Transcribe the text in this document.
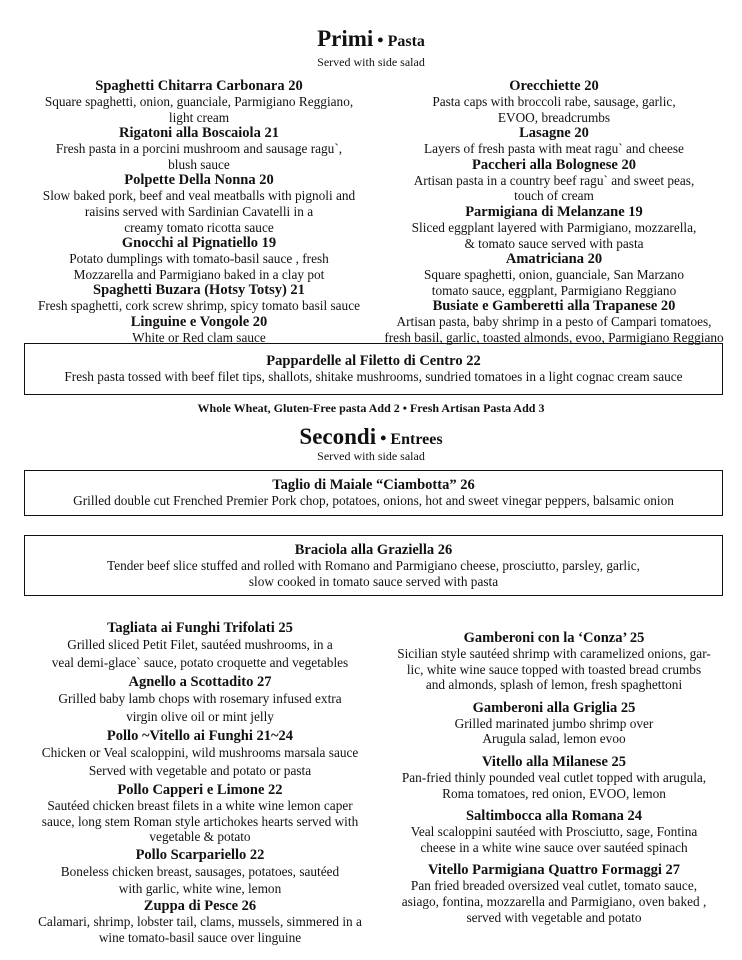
Primi • Pasta
Served with side salad
Spaghetti Chitarra Carbonara 20
Square spaghetti, onion, guanciale, Parmigiano Reggiano,
light cream
Rigatoni alla Boscaiola 21
Fresh pasta in a porcini mushroom and sausage ragu`,
blush sauce
Polpette Della Nonna 20
Slow baked pork, beef and veal meatballs with pignoli and
raisins served with Sardinian Cavatelli in a
creamy tomato ricotta sauce
Gnocchi al Pignatiello 19
Potato dumplings with tomato-basil sauce , fresh
Mozzarella and Parmigiano baked in a clay pot
Spaghetti Buzara (Hotsy Totsy) 21
Fresh spaghetti, cork screw shrimp, spicy tomato basil sauce
Linguine e Vongole 20
White or Red clam sauce
Orecchiette 20
Pasta caps with broccoli rabe, sausage, garlic,
EVOO, breadcrumbs
Lasagne 20
Layers of fresh pasta with meat ragu` and cheese
Paccheri alla Bolognese 20
Artisan pasta in a country beef ragu` and sweet peas,
touch of cream
Parmigiana di Melanzane 19
Sliced eggplant layered with Parmigiano, mozzarella,
& tomato sauce served with pasta
Amatriciana 20
Square spaghetti, onion, guanciale, San Marzano
tomato sauce, eggplant, Parmigiano Reggiano
Busiate e Gamberetti alla Trapanese 20
Artisan pasta, baby shrimp in a pesto of Campari tomatoes,
fresh basil, garlic, toasted almonds, evoo, Parmigiano Reggiano
Pappardelle al Filetto di Centro 22
Fresh pasta tossed with beef filet tips, shallots, shitake mushrooms, sundried tomatoes in a light cognac cream sauce
Whole Wheat, Gluten-Free pasta Add 2 • Fresh Artisan Pasta Add 3
Secondi • Entrees
Served with side salad
Taglio di Maiale “Ciambotta” 26
Grilled double cut Frenched Premier Pork chop, potatoes, onions, hot and sweet vinegar peppers, balsamic onion
Braciola alla Graziella 26
Tender beef slice stuffed and rolled with Romano and Parmigiano cheese, prosciutto, parsley, garlic,
slow cooked in tomato sauce served with pasta
Tagliata ai Funghi Trifolati 25
Grilled sliced Petit Filet, sautéed mushrooms, in a
veal demi-glace` sauce, potato croquette and vegetables
Agnello a Scottadito 27
Grilled baby lamb chops with rosemary infused extra
virgin olive oil or mint jelly
Pollo ~Vitello ai Funghi 21~24
Chicken or Veal scaloppini, wild mushrooms marsala sauce
Served with vegetable and potato or pasta
Pollo Capperi e Limone 22
Sautéed chicken breast filets in a white wine lemon caper
sauce, long stem Roman style artichokes hearts served with
vegetable & potato
Pollo Scarpariello 22
Boneless chicken breast, sausages, potatoes, sautéed
with garlic, white wine, lemon
Zuppa di Pesce 26
Calamari, shrimp, lobster tail, clams, mussels, simmered in a
wine tomato-basil sauce over linguine
Gamberoni con la ‘Conza’ 25
Sicilian style sautéed shrimp with caramelized onions, gar-
lic, white wine sauce topped with toasted bread crumbs
and almonds, splash of lemon, fresh spaghettoni
Gamberoni alla Griglia 25
Grilled marinated jumbo shrimp over
Arugula salad, lemon evoo
Vitello alla Milanese 25
Pan-fried thinly pounded veal cutlet topped with arugula,
Roma tomatoes, red onion, EVOO, lemon
Saltimbocca alla Romana 24
Veal scaloppini sautéed with Prosciutto, sage, Fontina
cheese in a white wine sauce over sautéed spinach
Vitello Parmigiana Quattro Formaggi 27
Pan fried breaded oversized veal cutlet, tomato sauce,
asiago, fontina, mozzarella and Parmigiano, oven baked ,
served with vegetable and potato
